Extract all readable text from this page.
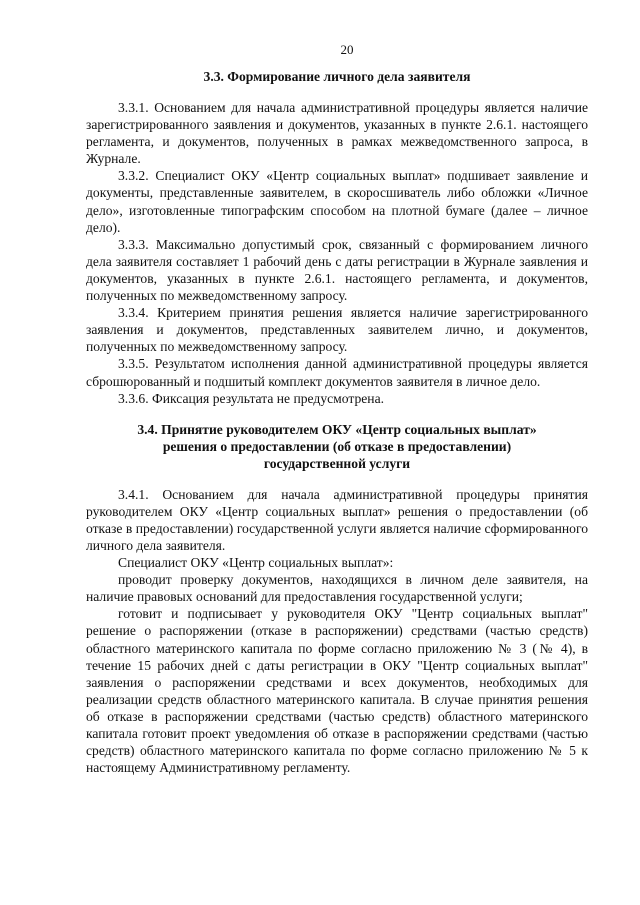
20
3.3. Формирование личного дела заявителя

3.3.1. Основанием для начала административной процедуры является наличие зарегистрированного заявления и документов, указанных в пункте 2.6.1. настоящего регламента, и документов, полученных в рамках межведомственного запроса, в Журнале.

3.3.2. Специалист ОКУ «Центр социальных выплат» подшивает заявление и документы, представленные заявителем, в скоросшиватель либо обложки «Личное дело», изготовленные типографским способом на плотной бумаге (далее – личное дело).

3.3.3. Максимально допустимый срок, связанный с формированием личного дела заявителя составляет 1 рабочий день с даты регистрации в Журнале заявления и документов, указанных в пункте 2.6.1. настоящего регламента, и документов, полученных по межведомственному запросу.

3.3.4. Критерием принятия решения является наличие зарегистрированного заявления и документов, представленных заявителем лично, и документов, полученных по межведомственному запросу.

3.3.5. Результатом исполнения данной административной процедуры является сброшюрованный и подшитый комплект документов заявителя в личное дело.

3.3.6. Фиксация результата не предусмотрена.

3.4. Принятие руководителем ОКУ «Центр социальных выплат»
решения о предоставлении (об отказе в предоставлении)
государственной услуги

3.4.1. Основанием для начала административной процедуры принятия руководителем ОКУ «Центр социальных выплат» решения о предоставлении (об отказе в предоставлении) государственной услуги является наличие сформированного личного дела заявителя.

Специалист ОКУ «Центр социальных выплат»:

проводит проверку документов, находящихся в личном деле заявителя, на наличие правовых оснований для предоставления государственной услуги;

готовит и подписывает у руководителя ОКУ "Центр социальных выплат" решение о распоряжении (отказе в распоряжении) средствами (частью средств) областного материнского капитала по форме согласно приложению № 3 (№ 4), в течение 15 рабочих дней с даты регистрации в ОКУ "Центр социальных выплат" заявления о распоряжении средствами и всех документов, необходимых для реализации средств областного материнского капитала. В случае принятия решения об отказе в распоряжении средствами (частью средств) областного материнского капитала готовит проект уведомления об отказе в распоряжении средствами (частью средств) областного материнского капитала по форме согласно приложению № 5 к настоящему Административному регламенту.
